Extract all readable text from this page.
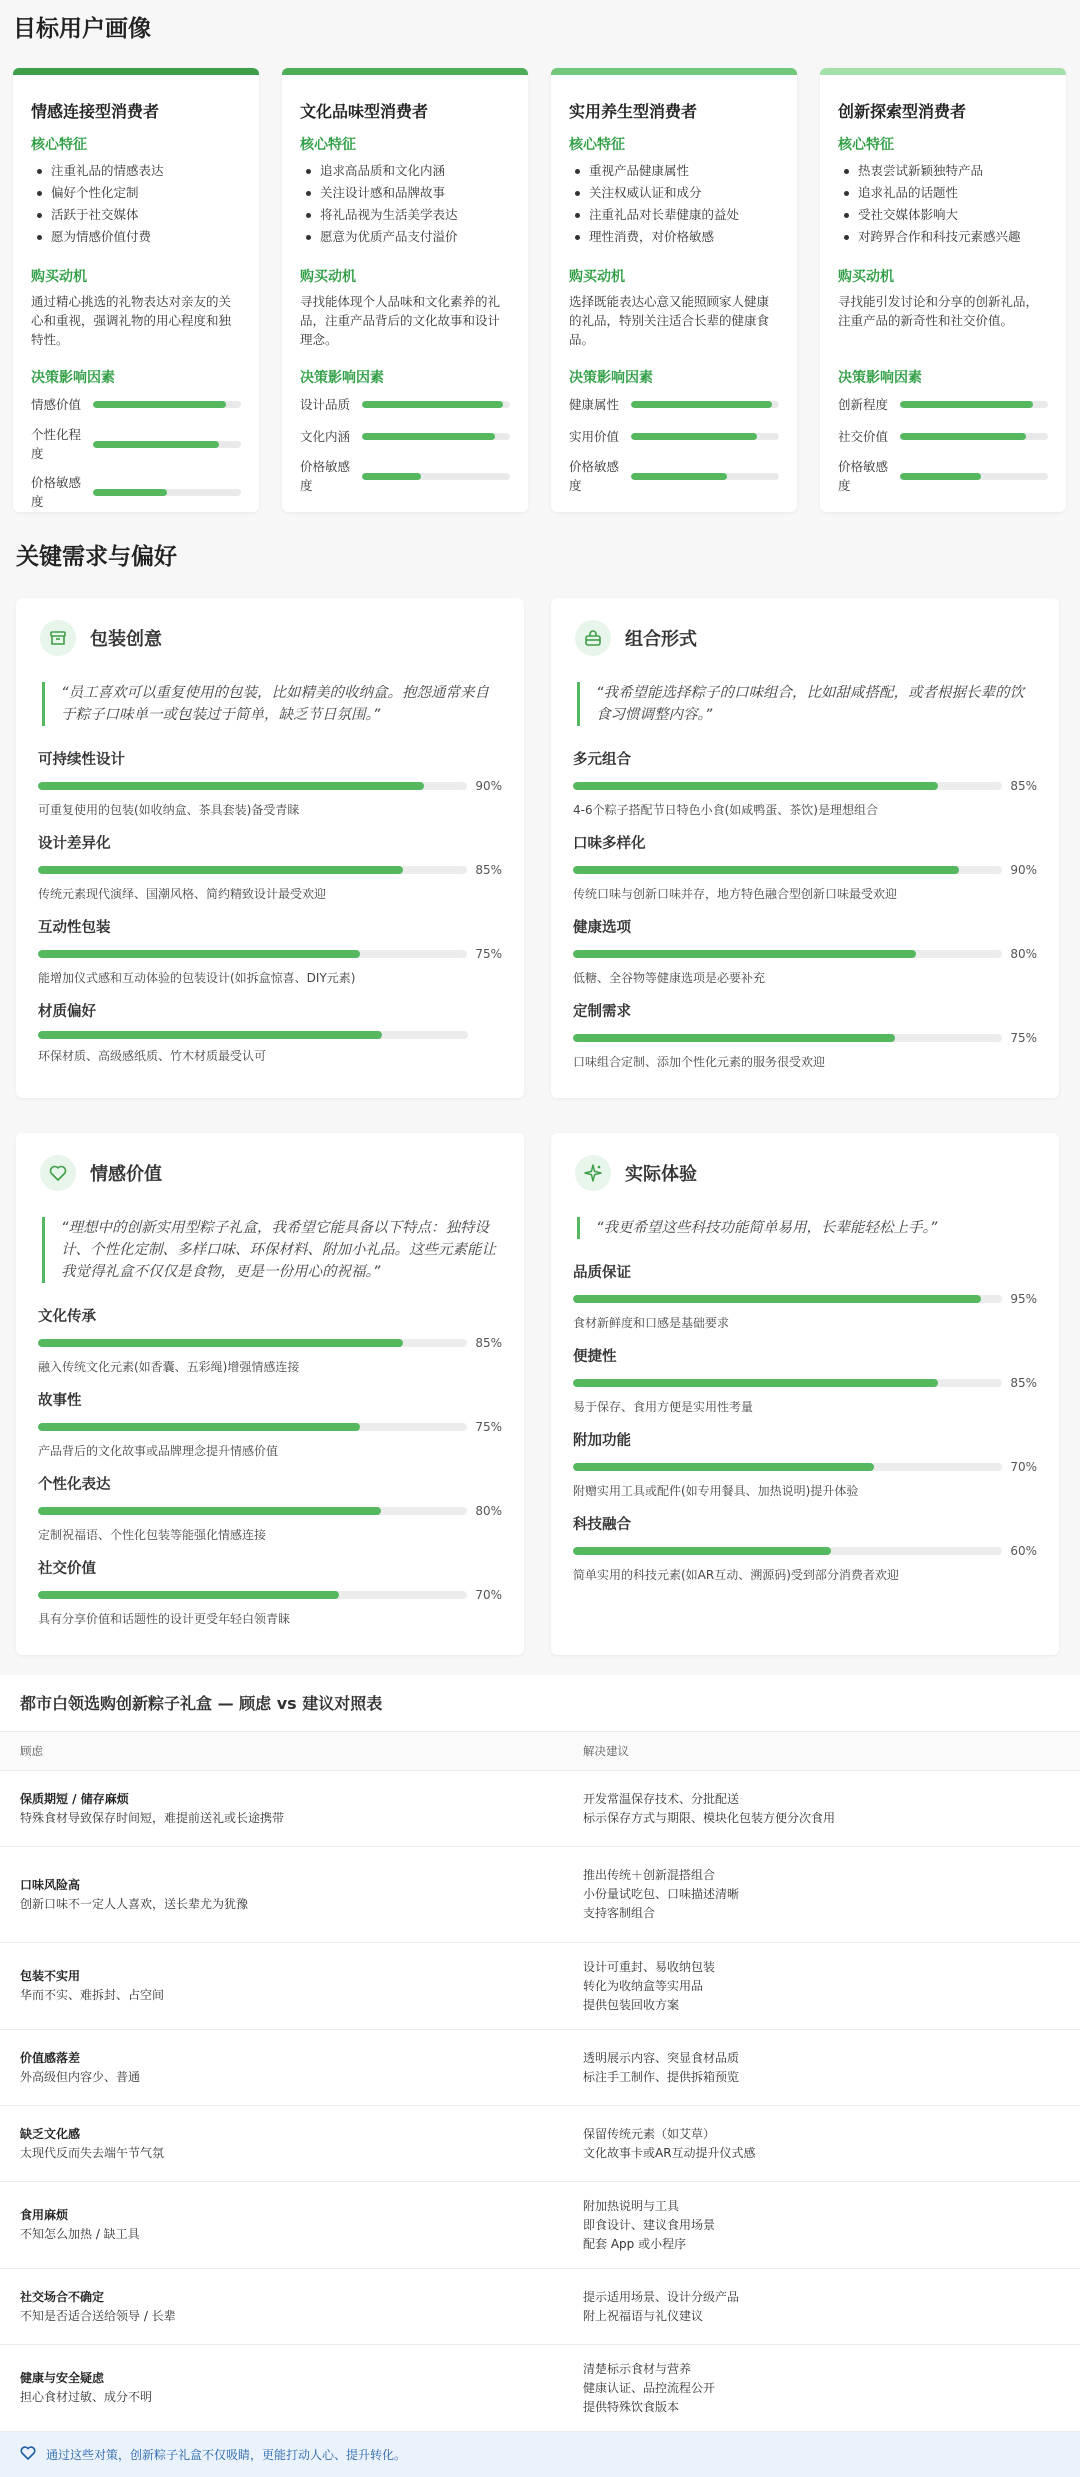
目标用户画像
情感连接型消费者
核心特征
注重礼品的情感表达
偏好个性化定制
活跃于社交媒体
愿为情感价值付费
购买动机
通过精心挑选的礼物表达对亲友的关心和重视，强调礼物的用心程度和独特性。
决策影响因素
情感价值
个性化程度
价格敏感度
文化品味型消费者
核心特征
追求高品质和文化内涵
关注设计感和品牌故事
将礼品视为生活美学表达
愿意为优质产品支付溢价
购买动机
寻找能体现个人品味和文化素养的礼品，注重产品背后的文化故事和设计理念。
决策影响因素
设计品质
文化内涵
价格敏感度
实用养生型消费者
核心特征
重视产品健康属性
关注权威认证和成分
注重礼品对长辈健康的益处
理性消费，对价格敏感
购买动机
选择既能表达心意又能照顾家人健康的礼品，特别关注适合长辈的健康食品。
决策影响因素
健康属性
实用价值
价格敏感度
创新探索型消费者
核心特征
热衷尝试新颖独特产品
追求礼品的话题性
受社交媒体影响大
对跨界合作和科技元素感兴趣
购买动机
寻找能引发讨论和分享的创新礼品，注重产品的新奇性和社交价值。
决策影响因素
创新程度
社交价值
价格敏感度
关键需求与偏好
包装创意
“员工喜欢可以重复使用的包装，比如精美的收纳盒。抱怨通常来自于粽子口味单一或包装过于简单，缺乏节日氛围。”
可持续性设计
90%
可重复使用的包装(如收纳盒、茶具套装)备受青睐
设计差异化
85%
传统元素现代演绎、国潮风格、简约精致设计最受欢迎
互动性包装
75%
能增加仪式感和互动体验的包装设计(如拆盒惊喜、DIY元素)
材质偏好
环保材质、高级感纸质、竹木材质最受认可
组合形式
“我希望能选择粽子的口味组合，比如甜咸搭配，或者根据长辈的饮食习惯调整内容。”
多元组合
85%
4-6个粽子搭配节日特色小食(如咸鸭蛋、茶饮)是理想组合
口味多样化
90%
传统口味与创新口味并存，地方特色融合型创新口味最受欢迎
健康选项
80%
低糖、全谷物等健康选项是必要补充
定制需求
75%
口味组合定制、添加个性化元素的服务很受欢迎
情感价值
“理想中的创新实用型粽子礼盒，我希望它能具备以下特点：独特设计、个性化定制、多样口味、环保材料、附加小礼品。这些元素能让我觉得礼盒不仅仅是食物，更是一份用心的祝福。”
文化传承
85%
融入传统文化元素(如香囊、五彩绳)增强情感连接
故事性
75%
产品背后的文化故事或品牌理念提升情感价值
个性化表达
80%
定制祝福语、个性化包装等能强化情感连接
社交价值
70%
具有分享价值和话题性的设计更受年轻白领青睐
实际体验
“我更希望这些科技功能简单易用，长辈能轻松上手。”
品质保证
95%
食材新鲜度和口感是基础要求
便捷性
85%
易于保存、食用方便是实用性考量
附加功能
70%
附赠实用工具或配件(如专用餐具、加热说明)提升体验
科技融合
60%
简单实用的科技元素(如AR互动、溯源码)受到部分消费者欢迎
都市白领选购创新粽子礼盒 — 顾虑 vs 建议对照表
顾虑	解决建议
保质期短 / 储存麻烦
特殊食材导致保存时间短，难提前送礼或长途携带
开发常温保存技术、分批配送
标示保存方式与期限、模块化包装方便分次食用
口味风险高
创新口味不一定人人喜欢，送长辈尤为犹豫
推出传统＋创新混搭组合
小份量试吃包、口味描述清晰
支持客制组合
包装不实用
华而不实、难拆封、占空间
设计可重封、易收纳包装
转化为收纳盒等实用品
提供包装回收方案
价值感落差
外高级但内容少、普通
透明展示内容、突显食材品质
标注手工制作、提供拆箱预览
缺乏文化感
太现代反而失去端午节气氛
保留传统元素（如艾草）
文化故事卡或AR互动提升仪式感
食用麻烦
不知怎么加热 / 缺工具
附加热说明与工具
即食设计、建议食用场景
配套 App 或小程序
社交场合不确定
不知是否适合送给领导 / 长辈
提示适用场景、设计分级产品
附上祝福语与礼仪建议
健康与安全疑虑
担心食材过敏、成分不明
清楚标示食材与营养
健康认证、品控流程公开
提供特殊饮食版本
通过这些对策，创新粽子礼盒不仅吸睛，更能打动人心、提升转化。
